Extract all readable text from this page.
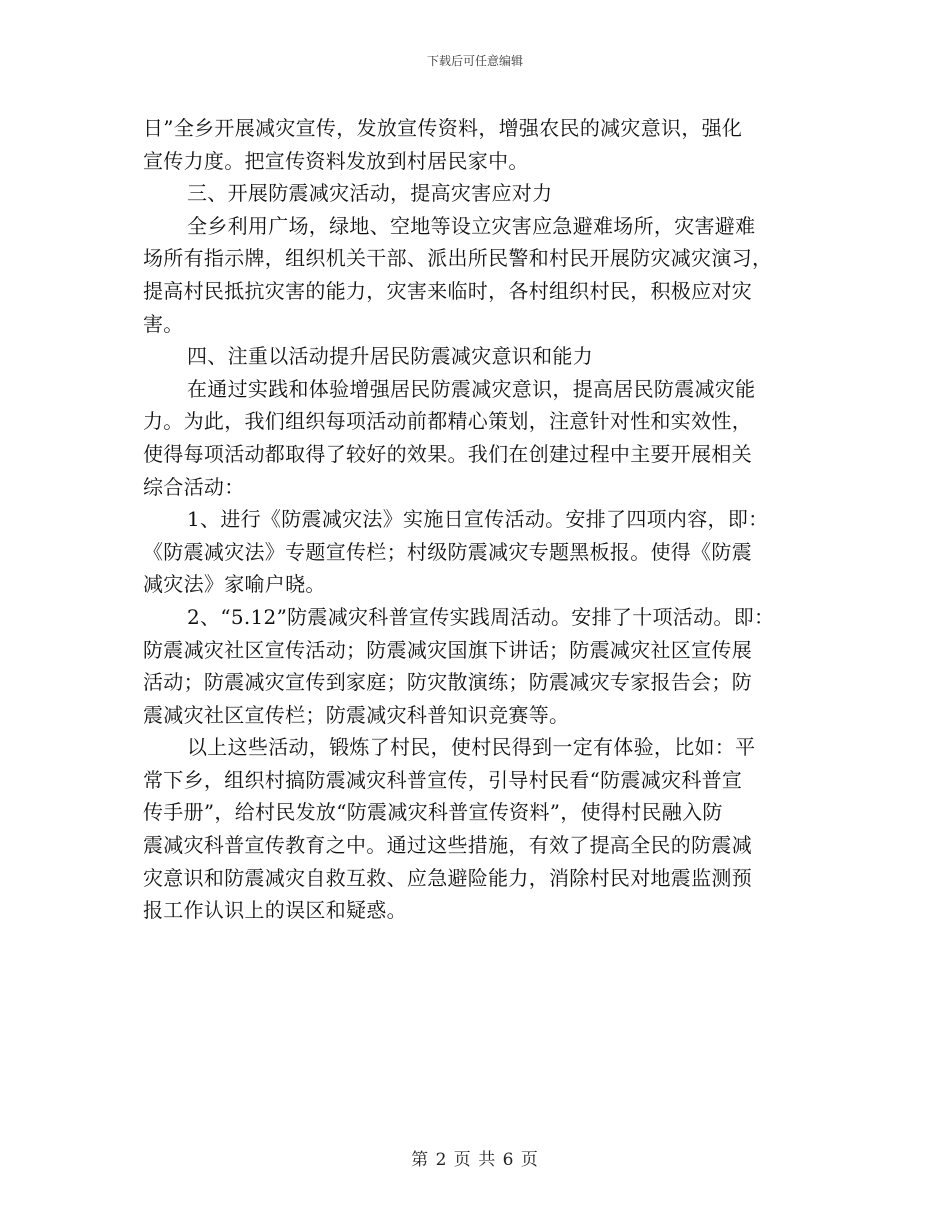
下载后可任意编辑
日”全乡开展减灾宣传，发放宣传资料，增强农民的减灾意识，强化
宣传力度。把宣传资料发放到村居民家中。
三、开展防震减灾活动，提高灾害应对力
全乡利用广场，绿地、空地等设立灾害应急避难场所，灾害避难
场所有指示牌，组织机关干部、派出所民警和村民开展防灾减灾演习，
提高村民抵抗灾害的能力，灾害来临时，各村组织村民，积极应对灾
害。
四、注重以活动提升居民防震减灾意识和能力
在通过实践和体验增强居民防震减灾意识，提高居民防震减灾能
力。为此，我们组织每项活动前都精心策划，注意针对性和实效性，
使得每项活动都取得了较好的效果。我们在创建过程中主要开展相关
综合活动：
1、进行《防震减灾法》实施日宣传活动。安排了四项内容，即：
《防震减灾法》专题宣传栏；村级防震减灾专题黑板报。使得《防震
减灾法》家喻户晓。
2、“5.12”防震减灾科普宣传实践周活动。安排了十项活动。即：
防震减灾社区宣传活动；防震减灾国旗下讲话；防震减灾社区宣传展
活动；防震减灾宣传到家庭；防灾散演练；防震减灾专家报告会；防
震减灾社区宣传栏；防震减灾科普知识竞赛等。
以上这些活动，锻炼了村民，使村民得到一定有体验，比如：平
常下乡，组织村搞防震减灾科普宣传，引导村民看“防震减灾科普宣
传手册”，给村民发放“防震减灾科普宣传资料”，使得村民融入防
震减灾科普宣传教育之中。通过这些措施，有效了提高全民的防震减
灾意识和防震减灾自救互救、应急避险能力，消除村民对地震监测预
报工作认识上的误区和疑惑。
第 2 页 共 6 页
